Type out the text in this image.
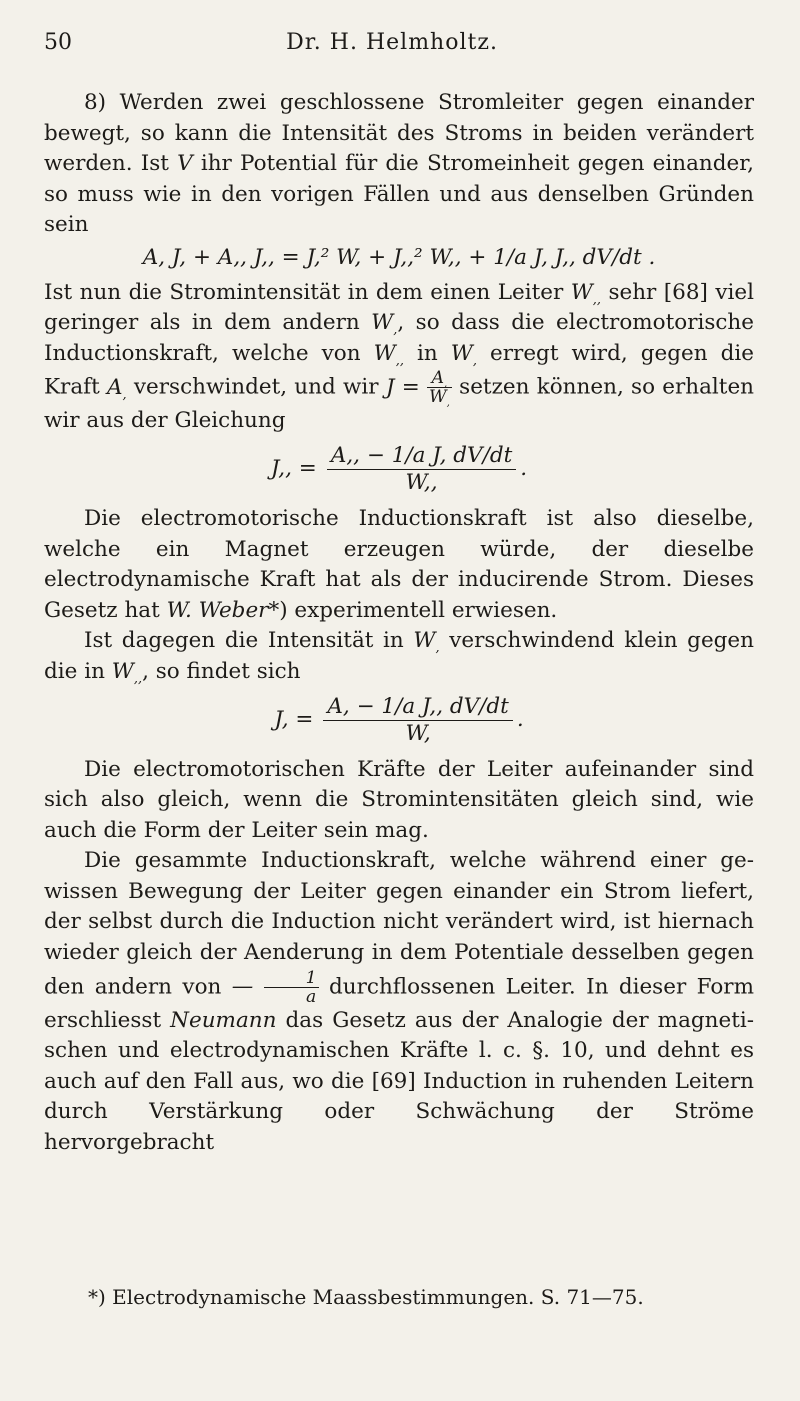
50	Dr. H. Helmholtz.

8) Werden zwei geschlossene Stromleiter gegen einander bewegt, so kann die Intensität des Stroms in beiden verändert werden. Ist V ihr Potential für die Stromeinheit gegen einander, so muss wie in den vorigen Fällen und aus denselben Gründen sein

A, J, + A,, J,, = J,² W, + J,,² W,, + 1/a J, J,, dV/dt .

Ist nun die Stromintensität in dem einen Leiter $W_{,,}$ sehr [68] viel geringer als in dem andern $W_,$, so dass die electromotorische Inductionskraft, welche von $W_{,,}$ in $W_,$ erregt wird, gegen die Kraft $A_,$ verschwindet, und wir $J = \frac{A_,}{W_,}$ setzen können, so erhalten wir aus der Gleichung

J,, = $\frac{\text{A,, − 1/a J, dV/dt}}{W,,}$ .

Die electromotorische Inductionskraft ist also dieselbe, welche ein Magnet erzeugen würde, der dieselbe electrodynamische Kraft hat als der inducirende Strom. Dieses Gesetz hat W. Weber*) experimentell erwiesen.

Ist dagegen die Intensität in $W_,$ verschwindend klein gegen die in $W_{,,}$, so findet sich

J, = $\frac{\text{A, − 1/a J,, dV/dt}}{W,}$ .

Die electromotorischen Kräfte der Leiter aufeinander sind sich also gleich, wenn die Stromintensitäten gleich sind, wie auch die Form der Leiter sein mag.

Die gesammte Inductionskraft, welche während einer gewissen Bewegung der Leiter gegen einander ein Strom liefert, der selbst durch die Induction nicht verändert wird, ist hiernach wieder gleich der Aenderung in dem Potentiale desselben gegen den andern von — $\frac{1}{a}$ durchflossenen Leiter. In dieser Form erschliesst Neumann das Gesetz aus der Analogie der magnetischen und electrodynamischen Kräfte l. c. §. 10, und dehnt es auch auf den Fall aus, wo die [69] Induction in ruhenden Leitern durch Verstärkung oder Schwächung der Ströme hervorgebracht

*) Electrodynamische Maassbestimmungen. S. 71—75.
